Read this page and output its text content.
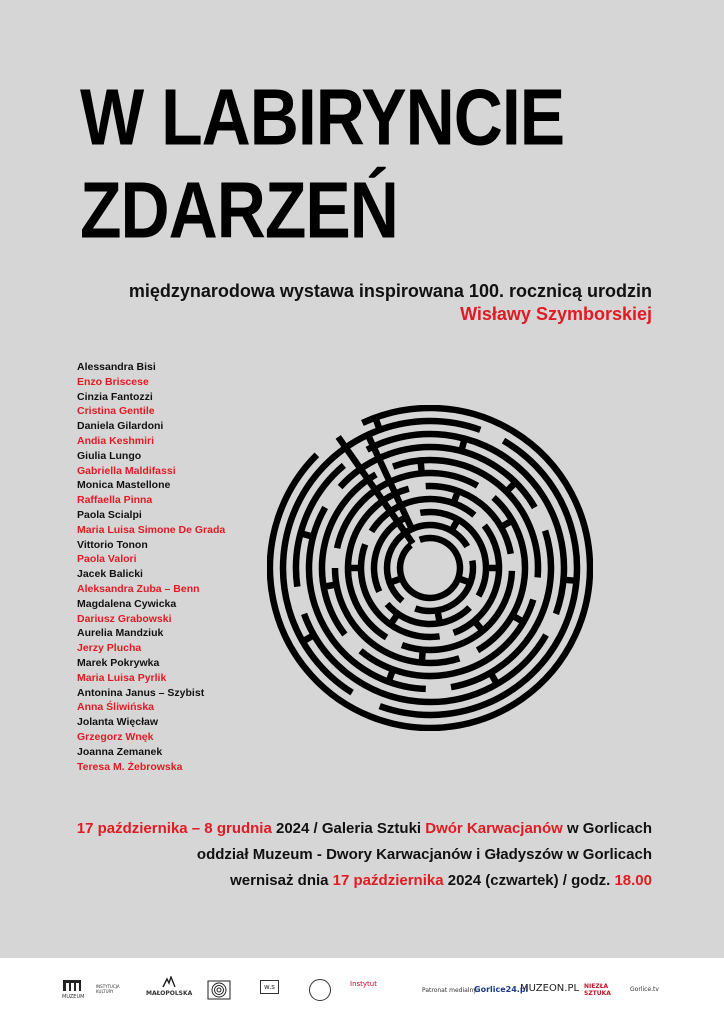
W LABIRYNCIE
ZDARZEŃ

międzynarodowa wystawa inspirowana 100. rocznicą urodzin

Wisławy Szymborskiej

Alessandra Bisi
Enzo Briscese
Cinzia Fantozzi
Cristina Gentile
Daniela Gilardoni
Andia Keshmiri
Giulia Lungo
Gabriella Maldifassi
Monica Mastellone
Raffaella Pinna
Paola Scialpi
Maria Luisa Simone De Grada
Vittorio Tonon
Paola Valori
Jacek Balicki
Aleksandra Zuba – Benn
Magdalena Cywicka
Dariusz Grabowski
Aurelia Mandziuk
Jerzy Plucha
Marek Pokrywka
Maria Luisa Pyrlik
Antonina Janus – Szybist
Anna Śliwińska
Jolanta Więcław
Grzegorz Wnęk
Joanna Zemanek
Teresa M. Żebrowska

17 października – 8 grudnia 2024 / Galeria Sztuki Dwór Karwacjanów w Gorlicach

oddział Muzeum - Dwory Karwacjanów i Gładyszów w Gorlicach

wernisaż dnia 17 października 2024 (czwartek) / godz. 18.00

MUZEUM
INSTYTUCJA KULTURY	MAŁOPOLSKA
w.s	Instytut
Patronat medialny:
Gorlice24.pl
MUZEON.PL NIEZŁA SZTUKA
Gorlice.tv
